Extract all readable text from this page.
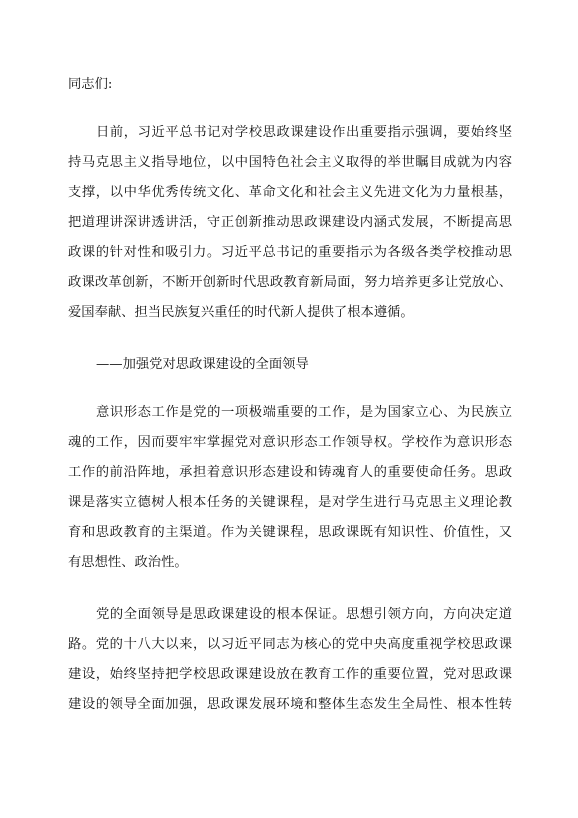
同志们:
日前，习近平总书记对学校思政课建设作出重要指示强调，要始终坚
持马克思主义指导地位，以中国特色社会主义取得的举世瞩目成就为内容
支撑，以中华优秀传统文化、革命文化和社会主义先进文化为力量根基，
把道理讲深讲透讲活，守正创新推动思政课建设内涵式发展，不断提高思
政课的针对性和吸引力。习近平总书记的重要指示为各级各类学校推动思
政课改革创新，不断开创新时代思政教育新局面，努力培养更多让党放心、
爱国奉献、担当民族复兴重任的时代新人提供了根本遵循。
——加强党对思政课建设的全面领导
意识形态工作是党的一项极端重要的工作，是为国家立心、为民族立
魂的工作，因而要牢牢掌握党对意识形态工作领导权。学校作为意识形态
工作的前沿阵地，承担着意识形态建设和铸魂育人的重要使命任务。思政
课是落实立德树人根本任务的关键课程，是对学生进行马克思主义理论教
育和思政教育的主渠道。作为关键课程，思政课既有知识性、价值性，又
有思想性、政治性。
党的全面领导是思政课建设的根本保证。思想引领方向，方向决定道
路。党的十八大以来，以习近平同志为核心的党中央高度重视学校思政课
建设，始终坚持把学校思政课建设放在教育工作的重要位置，党对思政课
建设的领导全面加强，思政课发展环境和整体生态发生全局性、根本性转
